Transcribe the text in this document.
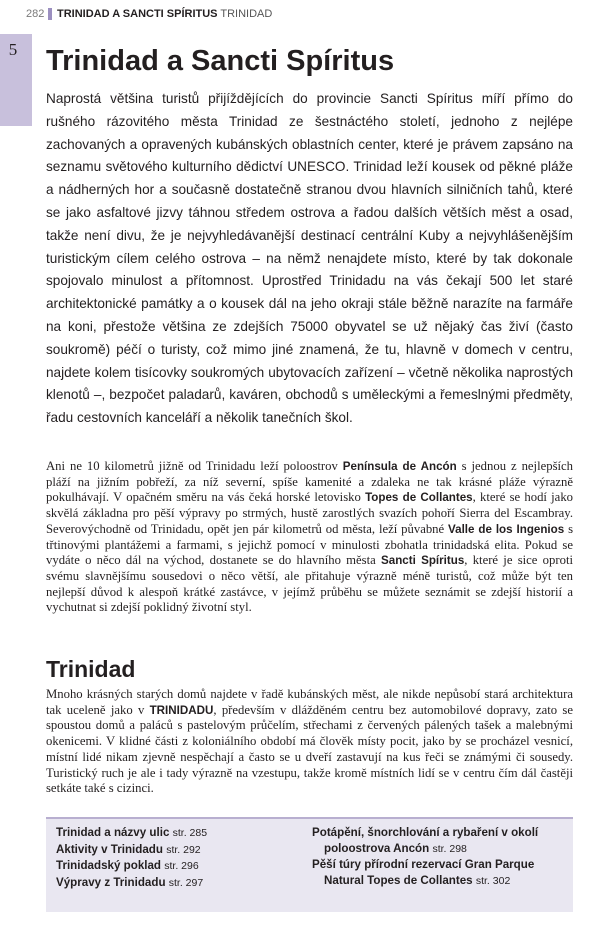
282 TRINIDAD A SANCTI SPÍRITUS TRINIDAD
5 Trinidad a Sancti Spíritus

Naprostá většina turistů přijíždějících do provincie Sancti Spíritus míří přímo do rušného rázovitého města Trinidad ze šestnáctého století, jednoho z nejlépe zachovaných a opravených kubánských oblastních center, které je právem zapsáno na seznamu světového kulturního dědictví UNESCO. Trinidad leží kousek od pěkné pláže a nádherných hor a současně dostatečně stranou dvou hlavních silničních tahů, které se jako asfaltové jizvy táhnou středem ostrova a řadou dalších větších měst a osad, takže není divu, že je nejvyhledávanější destinací centrální Kuby a nejvyhlášenějším turistickým cílem celého ostrova – na němž nenajdete místo, které by tak dokonale spojovalo minulost a přítomnost. Uprostřed Trinidadu na vás čekají 500 let staré architektonické památky a o kousek dál na jeho okraji stále běžně narazíte na farmáře na koni, přestože většina ze zdejších 75000 obyvatel se už nějaký čas živí (často soukromě) péčí o turisty, což mimo jiné znamená, že tu, hlavně v domech v centru, najdete kolem tisícovky soukromých ubytovacích zařízení – včetně několika naprostých klenotů –, bezpočet paladarů, kaváren, obchodů s uměleckými a řemeslnými předměty, řadu cestovních kanceláří a několik tanečních škol.

Ani ne 10 kilometrů jižně od Trinidadu leží poloostrov Península de Ancón s jednou z nejlepších pláží na jižním pobřeží, za níž severní, spíše kamenité a zdaleka ne tak krásné pláže výrazně pokulhávají. V opačném směru na vás čeká horské letovisko Topes de Collantes, které se hodí jako skvělá základna pro pěší výpravy po strmých, hustě zarostlých svazích pohoří Sierra del Escambray. Severovýchodně od Trinidadu, opět jen pár kilometrů od města, leží půvabné Valle de los Ingenios s třtinovými plantážemi a farmami, s jejichž pomocí v minulosti zbohatla trinidadská elita. Pokud se vydáte o něco dál na východ, dostanete se do hlavního města Sancti Spíritus, které je sice oproti svému slavnějšímu sousedovi o něco větší, ale přitahuje výrazně méně turistů, což může být ten nejlepší důvod k alespoň krátké zastávce, v jejímž průběhu se můžete seznámit se zdejší historií a vychutnat si zdejší poklidný životní styl.

Trinidad

Mnoho krásných starých domů najdete v řadě kubánských měst, ale nikde nepůsobí stará architektura tak uceleně jako v TRINIDADU, především v dlážděném centru bez automobilové dopravy, zato se spoustou domů a paláců s pastelovým průčelím, střechami z červených pálených tašek a malebnými okenicemi. V klidné části z koloniálního období má člověk místy pocit, jako by se procházel vesnicí, místní lidé nikam zjevně nespěchají a často se u dveří zastavují na kus řeči se známými či sousedy. Turistický ruch je ale i tady výrazně na vzestupu, takže kromě místních lidí se v centru čím dál častěji setkáte také s cizinci.

Trinidad a názvy ulic str. 285
Aktivity v Trinidadu str. 292
Trinidadský poklad str. 296
Výpravy z Trinidadu str. 297
Potápění, šnorchlování a rybaření v okolí poloostrova Ancón str. 298
Pěší túry přírodní rezervací Gran Parque Natural Topes de Collantes str. 302
